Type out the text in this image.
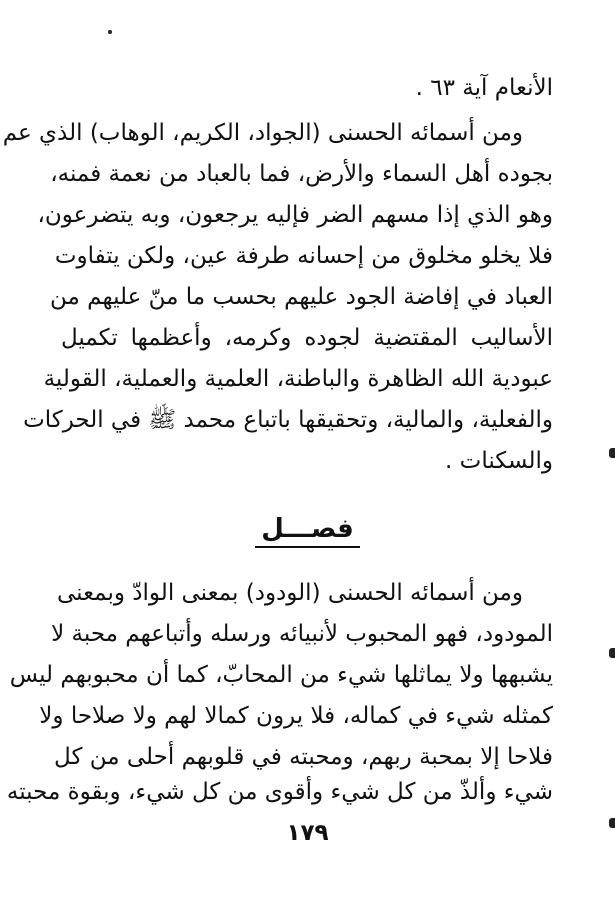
الأنعام آية ٦٣ .
ومن أسمائه الحسنى (الجواد، الكريم، الوهاب) الذي عم
بجوده أهل السماء والأرض، فما بالعباد من نعمة فمنه،
وهو الذي إذا مسهم الضر فإليه يرجعون، وبه يتضرعون،
فلا يخلو مخلوق من إحسانه طرفة عين، ولكن يتفاوت
العباد في إفاضة الجود عليهم بحسب ما منّ عليهم من
الأساليب المقتضية لجوده وكرمه، وأعظمها تكميل
عبودية الله الظاهرة والباطنة، العلمية والعملية، القولية
والفعلية، والمالية، وتحقيقها باتباع محمد ﷺ في الحركات
والسكنات .
فصـــل
ومن أسمائه الحسنى (الودود) بمعنى الوادّ وبمعنى
المودود، فهو المحبوب لأنبيائه ورسله وأتباعهم محبة لا
يشبهها ولا يماثلها شيء من المحابّ، كما أن محبوبهم ليس
كمثله شيء في كماله، فلا يرون كمالا لهم ولا صلاحا ولا
فلاحا إلا بمحبة ربهم، ومحبته في قلوبهم أحلى من كل
شيء وألذّ من كل شيء وأقوى من كل شيء، وبقوة محبته
١٧٩
